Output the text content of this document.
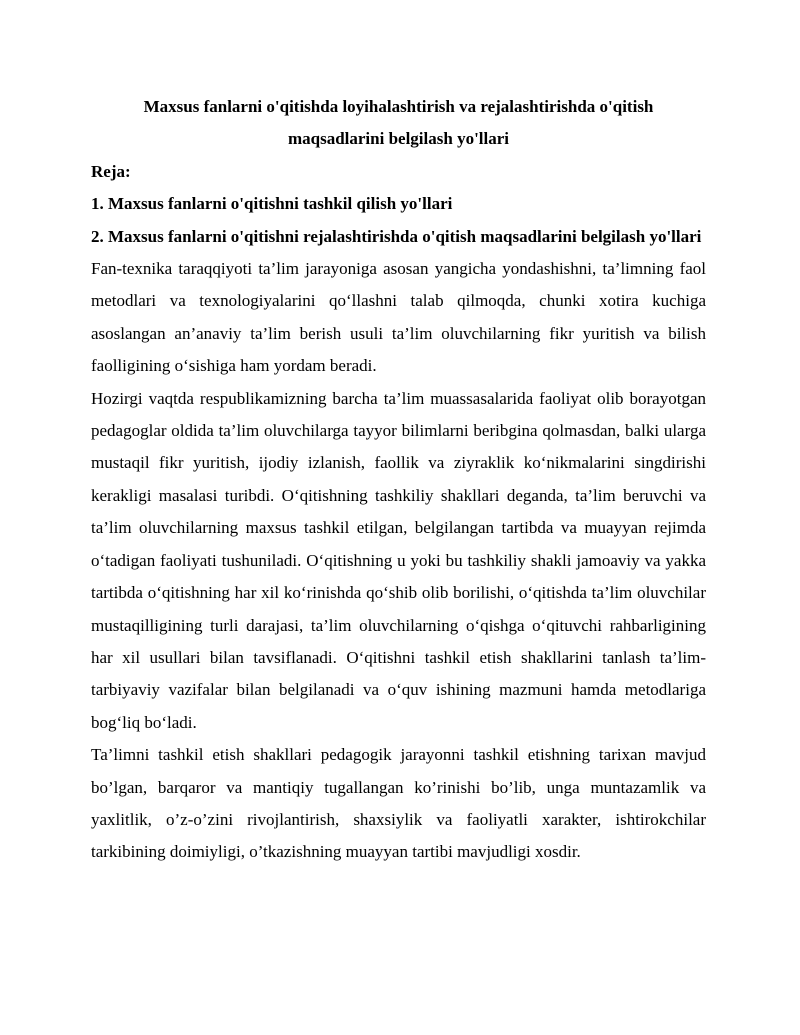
Maxsus fanlarni o'qitishda loyihalashtirish va rejalashtirishda o'qitish maqsadlarini belgilash yo'llari

Reja:

1. Maxsus fanlarni o'qitishni tashkil qilish yo'llari

2. Maxsus fanlarni o'qitishni rejalashtirishda o'qitish maqsadlarini belgilash yo'llari

Fan-texnika taraqqiyoti ta’lim jarayoniga asosan yangicha yondashishni, ta’limning faol metodlari va texnologiyalarini qo‘llashni talab qilmoqda, chunki xotira kuchiga asoslangan an’anaviy ta’lim berish usuli ta’lim oluvchilarning fikr yuritish va bilish faolligining o‘sishiga ham yordam beradi.

Hozirgi vaqtda respublikamizning barcha ta’lim muassasalarida faoliyat olib borayotgan pedagoglar oldida ta’lim oluvchilarga tayyor bilimlarni beribgina qolmasdan, balki ularga mustaqil fikr yuritish, ijodiy izlanish, faollik va ziyraklik ko‘nikmalarini singdirishi kerakligi masalasi turibdi. O‘qitishning tashkiliy shakllari deganda, ta’lim beruvchi va ta’lim oluvchilarning maxsus tashkil etilgan, belgilangan tartibda va muayyan rejimda o‘tadigan faoliyati tushuniladi. O‘qitishning u yoki bu tashkiliy shakli jamoaviy va yakka tartibda o‘qitishning har xil ko‘rinishda qo‘shib olib borilishi, o‘qitishda ta’lim oluvchilar mustaqilligining turli darajasi, ta’lim oluvchilarning o‘qishga o‘qituvchi rahbarligining har xil usullari bilan tavsiflanadi. O‘qitishni tashkil etish shakllarini tanlash ta’lim-tarbiyaviy vazifalar bilan belgilanadi va o‘quv ishining mazmuni hamda metodlariga bog‘liq bo‘ladi.

Ta’limni tashkil etish shakllari pedagogik jarayonni tashkil etishning tarixan mavjud bo’lgan, barqaror va mantiqiy tugallangan ko’rinishi bo’lib, unga muntazamlik va yaxlitlik, o’z-o’zini rivojlantirish, shaxsiylik va faoliyatli xarakter, ishtirokchilar tarkibining doimiyligi, o’tkazishning muayyan tartibi mavjudligi xosdir.
